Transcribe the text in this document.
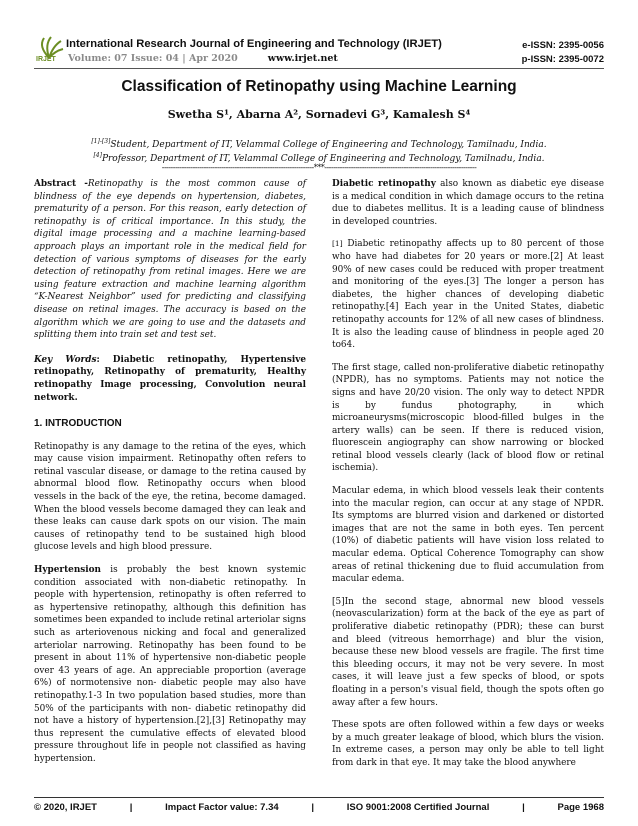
IRJET
International Research Journal of Engineering and Technology (IRJET)
Volume: 07 Issue: 04 | Apr 2020	www.irjet.net
e-ISSN: 2395-0056
p-ISSN: 2395-0072
Classification of Retinopathy using Machine Learning
Swetha S¹, Abarna A², Sornadevi G³, Kamalesh S⁴
[1]-[3]Student, Department of IT, Velammal College of Engineering and Technology, Tamilnadu, India.
[4]Professor, Department of IT, Velammal College of Engineering and Technology, Tamilnadu, India.
---------------------------------------------------------------------***---------------------------------------------------------------------

Abstract -Retinopathy is the most common cause of blindness of the eye depends on hypertension, diabetes, prematurity of a person. For this reason, early detection of retinopathy is of critical importance. In this study, the digital image processing and a machine learning-based approach plays an important role in the medical field for detection of various symptoms of diseases for the early detection of retinopathy from retinal images. Here we are using feature extraction and machine learning algorithm “K-Nearest Neighbor” used for predicting and classifying disease on retinal images. The accuracy is based on the algorithm which we are going to use and the datasets and splitting them into train set and test set.

Key Words: Diabetic retinopathy, Hypertensive retinopathy, Retinopathy of prematurity, Healthy retinopathy Image processing, Convolution neural network.

1. INTRODUCTION

Retinopathy is any damage to the retina of the eyes, which may cause vision impairment. Retinopathy often refers to retinal vascular disease, or damage to the retina caused by abnormal blood flow. Retinopathy occurs when blood vessels in the back of the eye, the retina, become damaged. When the blood vessels become damaged they can leak and these leaks can cause dark spots on our vision. The main causes of retinopathy tend to be sustained high blood glucose levels and high blood pressure.

Hypertension is probably the best known systemic condition associated with non-diabetic retinopathy. In people with hypertension, retinopathy is often referred to as hypertensive retinopathy, although this definition has sometimes been expanded to include retinal arteriolar signs such as arteriovenous nicking and focal and generalized arteriolar narrowing. Retinopathy has been found to be present in about 11% of hypertensive non-diabetic people over 43 years of age. An appreciable proportion (average 6%) of normotensive non- diabetic people may also have retinopathy.1-3 In two population based studies, more than 50% of the participants with non- diabetic retinopathy did not have a history of hypertension.[2],[3] Retinopathy may thus represent the cumulative effects of elevated blood pressure throughout life in people not classified as having hypertension.

Diabetic retinopathy also known as diabetic eye disease is a medical condition in which damage occurs to the retina due to diabetes mellitus. It is a leading cause of blindness in developed countries.

[1] Diabetic retinopathy affects up to 80 percent of those who have had diabetes for 20 years or more.[2] At least 90% of new cases could be reduced with proper treatment and monitoring of the eyes.[3] The longer a person has diabetes, the higher chances of developing diabetic retinopathy.[4] Each year in the United States, diabetic retinopathy accounts for 12% of all new cases of blindness. It is also the leading cause of blindness in people aged 20 to64.

The first stage, called non-proliferative diabetic retinopathy (NPDR), has no symptoms. Patients may not notice the signs and have 20/20 vision. The only way to detect NPDR is by fundus photography, in which microaneurysms(microscopic blood-filled bulges in the artery walls) can be seen. If there is reduced vision, fluorescein angiography can show narrowing or blocked retinal blood vessels clearly (lack of blood flow or retinal ischemia).

Macular edema, in which blood vessels leak their contents into the macular region, can occur at any stage of NPDR. Its symptoms are blurred vision and darkened or distorted images that are not the same in both eyes. Ten percent (10%) of diabetic patients will have vision loss related to macular edema. Optical Coherence Tomography can show areas of retinal thickening due to fluid accumulation from macular edema.

[5]In the second stage, abnormal new blood vessels (neovascularization) form at the back of the eye as part of proliferative diabetic retinopathy (PDR); these can burst and bleed (vitreous hemorrhage) and blur the vision, because these new blood vessels are fragile. The first time this bleeding occurs, it may not be very severe. In most cases, it will leave just a few specks of blood, or spots floating in a person's visual field, though the spots often go away after a few hours.

These spots are often followed within a few days or weeks by a much greater leakage of blood, which blurs the vision. In extreme cases, a person may only be able to tell light from dark in that eye. It may take the blood anywhere

© 2020, IRJET	|	Impact Factor value: 7.34	|	ISO 9001:2008 Certified Journal	|	Page 1968
